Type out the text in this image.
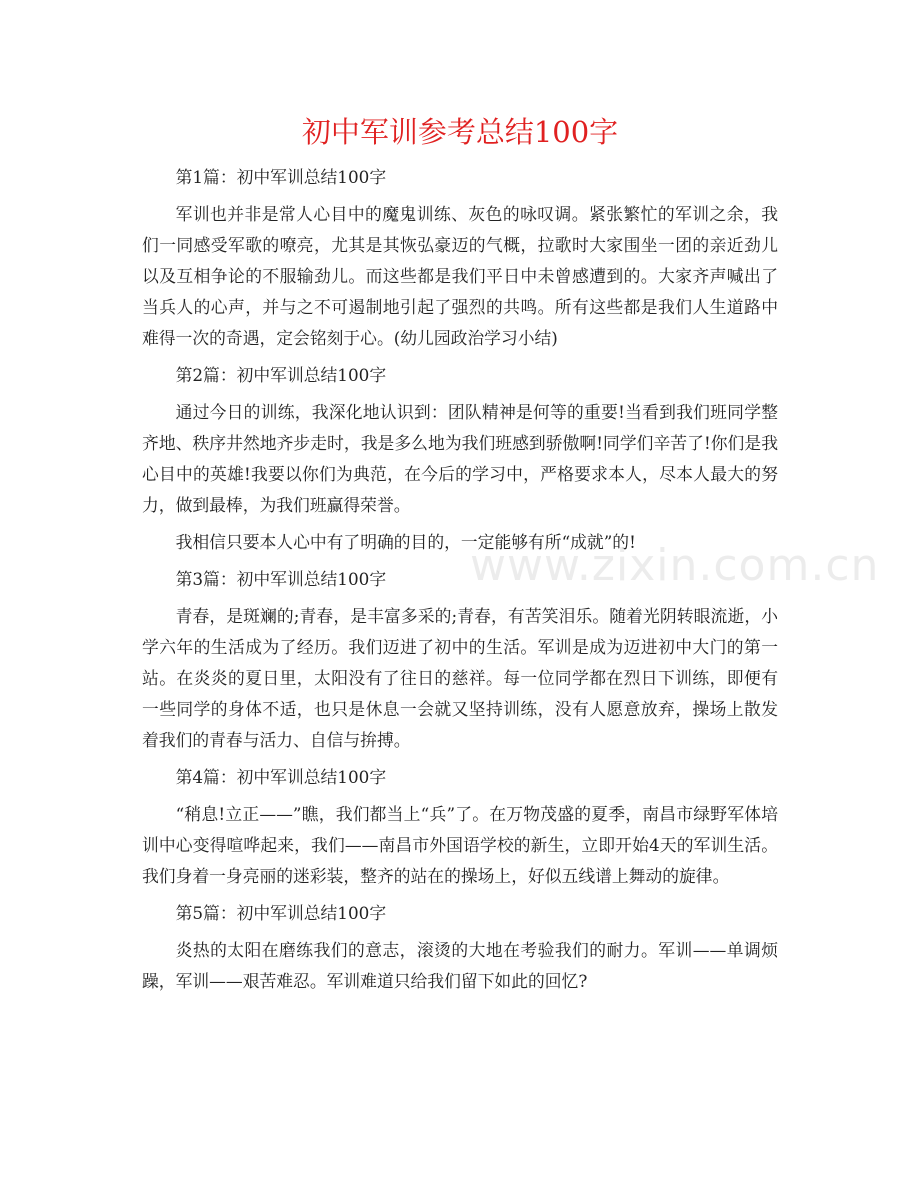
初中军训参考总结100字

第1篇：初中军训总结100字

军训也并非是常人心目中的魔鬼训练、灰色的咏叹调。紧张繁忙的军训之余，我们一同感受军歌的嘹亮，尤其是其恢弘豪迈的气概，拉歌时大家围坐一团的亲近劲儿以及互相争论的不服输劲儿。而这些都是我们平日中未曾感遭到的。大家齐声喊出了当兵人的心声，并与之不可遏制地引起了强烈的共鸣。所有这些都是我们人生道路中难得一次的奇遇，定会铭刻于心。(幼儿园政治学习小结)

第2篇：初中军训总结100字

通过今日的训练，我深化地认识到：团队精神是何等的重要!当看到我们班同学整齐地、秩序井然地齐步走时，我是多么地为我们班感到骄傲啊!同学们辛苦了!你们是我心目中的英雄!我要以你们为典范，在今后的学习中，严格要求本人，尽本人最大的努力，做到最棒，为我们班赢得荣誉。

我相信只要本人心中有了明确的目的，一定能够有所“成就”的!

第3篇：初中军训总结100字

青春，是斑斓的;青春，是丰富多采的;青春，有苦笑泪乐。随着光阴转眼流逝，小学六年的生活成为了经历。我们迈进了初中的生活。军训是成为迈进初中大门的第一站。在炎炎的夏日里，太阳没有了往日的慈祥。每一位同学都在烈日下训练，即便有一些同学的身体不适，也只是休息一会就又坚持训练，没有人愿意放弃，操场上散发着我们的青春与活力、自信与拚搏。

第4篇：初中军训总结100字

“稍息!立正——”瞧，我们都当上“兵”了。在万物茂盛的夏季，南昌市绿野军体培训中心变得喧哗起来，我们——南昌市外国语学校的新生，立即开始4天的军训生活。我们身着一身亮丽的迷彩装，整齐的站在的操场上，好似五线谱上舞动的旋律。

第5篇：初中军训总结100字

炎热的太阳在磨练我们的意志，滚烫的大地在考验我们的耐力。军训——单调烦躁，军训——艰苦难忍。军训难道只给我们留下如此的回忆?

www.zixin.com.cn
